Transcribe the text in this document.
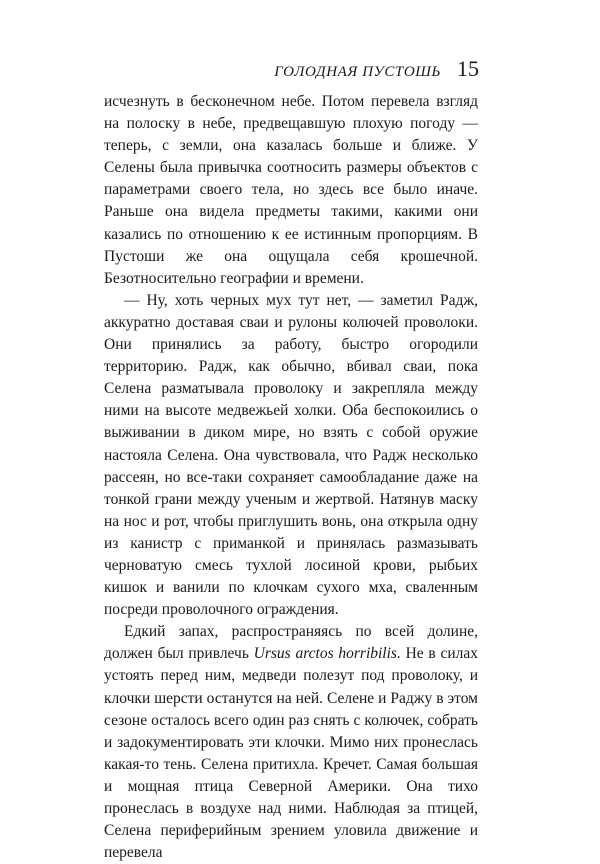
ГОЛОДНАЯ ПУСТОШЬ 15

исчезнуть в бесконечном небе. Потом перевела взгляд на полоску в небе, предвещавшую плохую погоду — теперь, с земли, она казалась больше и ближе. У Селены была привычка соотносить размеры объектов с параметрами своего тела, но здесь все было иначе. Раньше она видела предметы такими, какими они казались по отношению к ее истинным пропорциям. В Пустоши же она ощущала себя крошечной. Безотносительно географии и времени.

— Ну, хоть черных мух тут нет, — заметил Радж, аккуратно доставая сваи и рулоны колючей проволоки. Они принялись за работу, быстро огородили территорию. Радж, как обычно, вбивал сваи, пока Селена разматывала проволоку и закрепляла между ними на высоте медвежьей холки. Оба беспокоились о выживании в диком мире, но взять с собой оружие настояла Селена. Она чувствовала, что Радж несколько рассеян, но все-таки сохраняет самообладание даже на тонкой грани между ученым и жертвой. Натянув маску на нос и рот, чтобы приглушить вонь, она открыла одну из канистр с приманкой и принялась размазывать черноватую смесь тухлой лосиной крови, рыбьих кишок и ванили по клочкам сухого мха, сваленным посреди проволочного ограждения.

Едкий запах, распространяясь по всей долине, должен был привлечь Ursus arctos horribilis. Не в силах устоять перед ним, медведи полезут под проволоку, и клочки шерсти останутся на ней. Селене и Раджу в этом сезоне осталось всего один раз снять с колючек, собрать и задокументировать эти клочки. Мимо них пронеслась какая-то тень. Селена притихла. Кречет. Самая большая и мощная птица Северной Америки. Она тихо пронеслась в воздухе над ними. Наблюдая за птицей, Селена периферийным зрением уловила движение и перевела
